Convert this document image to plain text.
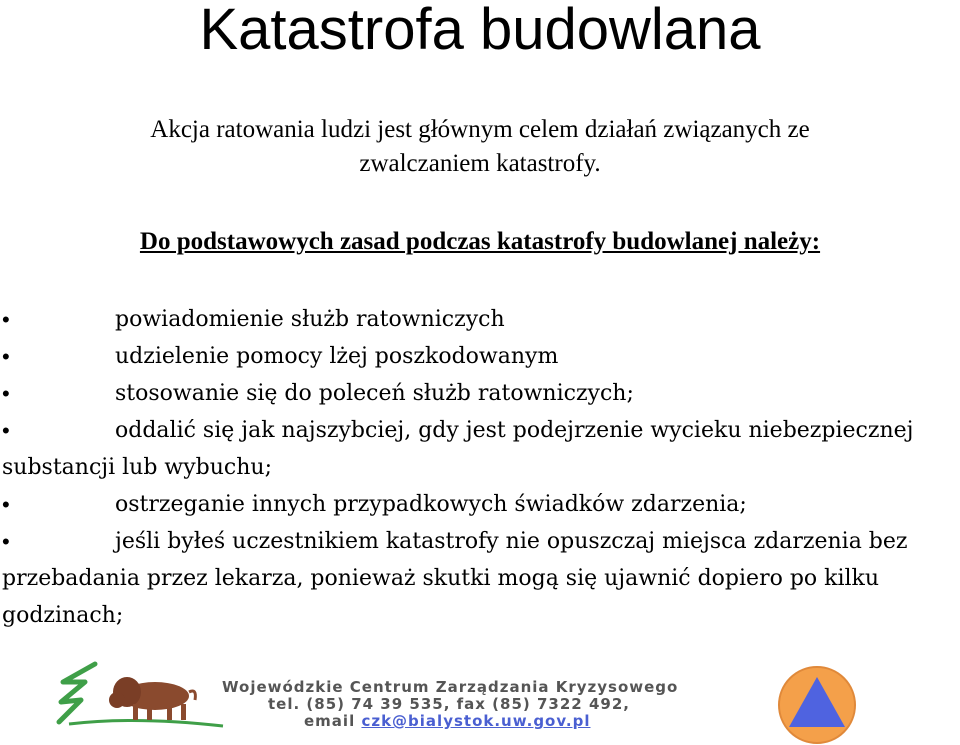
Katastrofa budowlana
Akcja ratowania ludzi jest głównym celem działań związanych ze
zwalczaniem katastrofy.
Do podstawowych zasad podczas katastrofy budowlanej należy:
•	powiadomienie służb ratowniczych
•	udzielenie pomocy lżej poszkodowanym
•	stosowanie się do poleceń służb ratowniczych;
•	oddalić się jak najszybciej, gdy jest podejrzenie wycieku niebezpiecznej substancji lub wybuchu;
•	ostrzeganie innych przypadkowych świadków zdarzenia;
•	jeśli byłeś uczestnikiem katastrofy nie opuszczaj miejsca zdarzenia bez przebadania przez lekarza, ponieważ skutki mogą się ujawnić dopiero po kilku godzinach;
Wojewódzkie Centrum Zarządzania Kryzysowego
tel. (85) 74 39 535, fax (85) 7322 492,
email czk@bialystok.uw.gov.pl
